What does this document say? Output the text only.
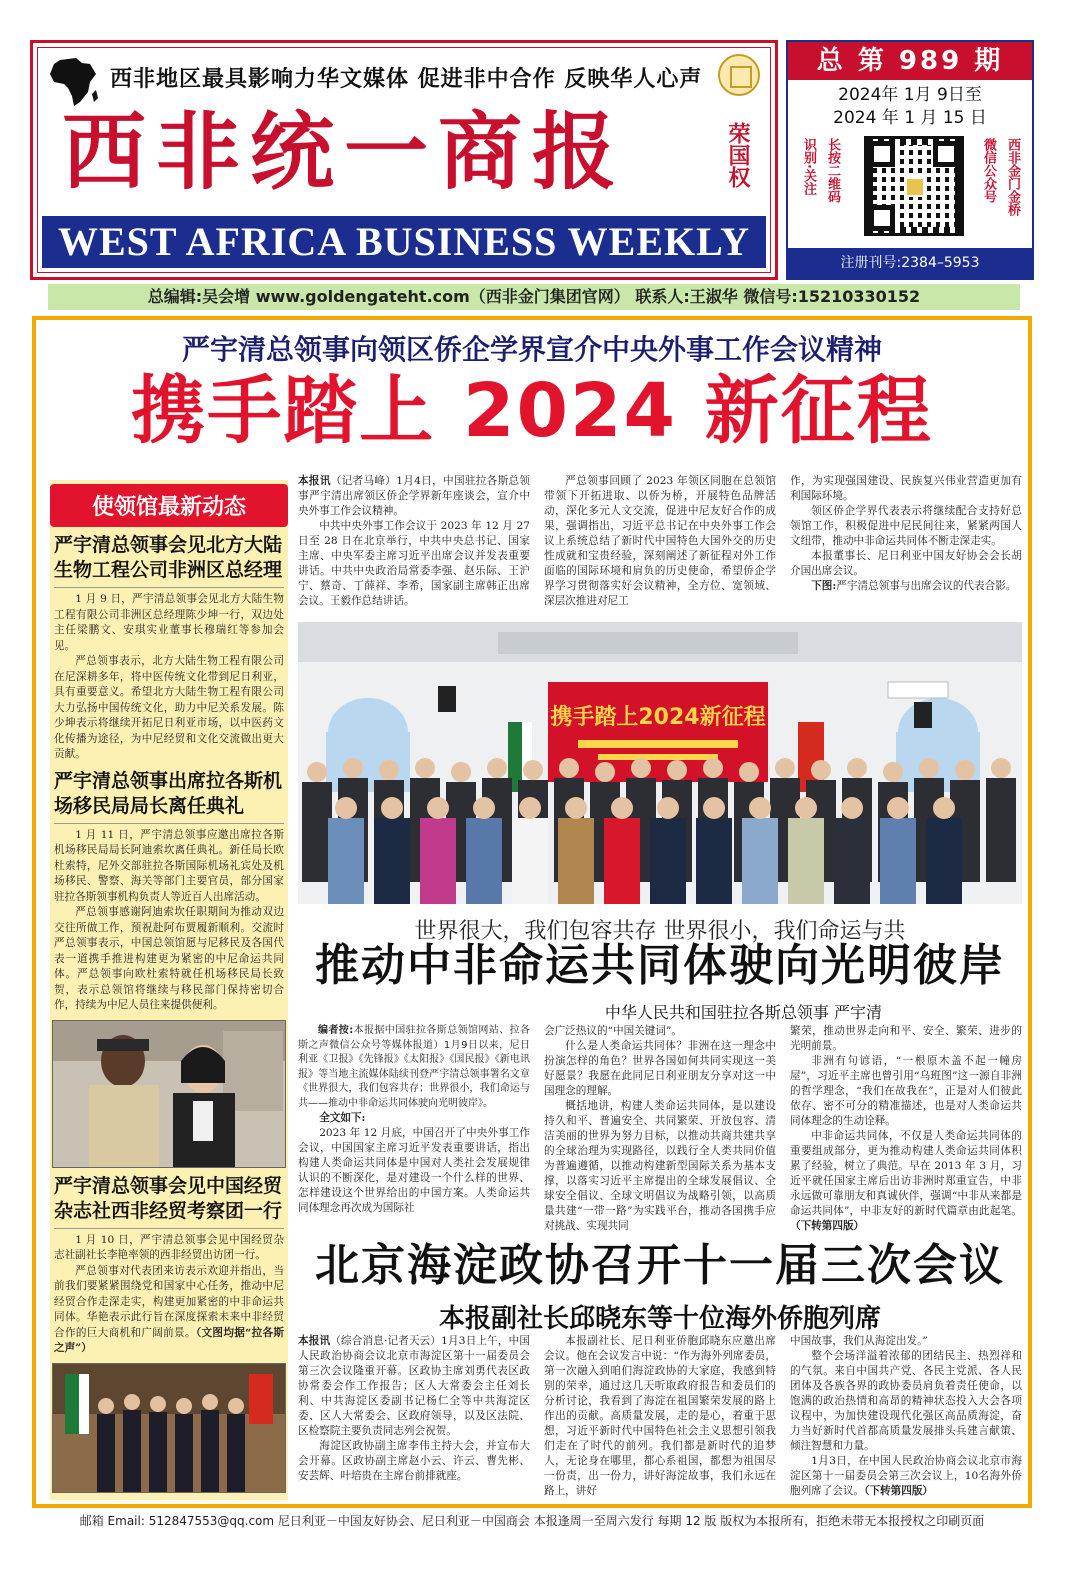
西非地区最具影响力华文媒体 促进非中合作 反映华人心声
西非统一商报	荣国权
WEST AFRICA BUSINESS WEEKLY
总 第 989 期
2024年 1月 9日至
2024 年 1 月 15 日
长按二维码
识别·关注	微信公众号 西非金门金桥
注册刊号:2384–5953
总编辑:吴会增 www.goldengateht.com（西非金门集团官网） 联系人:王淑华 微信号:15210330152
严宇清总领事向领区侨企学界宣介中央外事工作会议精神
携手踏上 2024 新征程
使领馆最新动态
严宇清总领事会见北方大陆生物工程公司非洲区总经理

1 月 9 日，严宇清总领事会见北方大陆生物工程有限公司非洲区总经理陈少坤一行，双边处主任梁鹏文、安琪实业董事长穆瑞红等参加会见。

严总领事表示，北方大陆生物工程有限公司在尼深耕多年，将中医传统文化带到尼日利亚，具有重要意义。希望北方大陆生物工程有限公司大力弘扬中国传统文化，助力中尼关系发展。陈少坤表示将继续开拓尼日利亚市场，以中医药文化传播为途径，为中尼经贸和文化交流做出更大贡献。

严宇清总领事出席拉各斯机场移民局局长离任典礼

1 月 11 日，严宇清总领事应邀出席拉各斯机场移民局局长阿迪索坎离任典礼。新任局长欧杜索特，尼外交部驻拉各斯国际机场礼宾处及机场移民、警察、海关等部门主要官员，部分国家驻拉各斯领事机构负责人等近百人出席活动。

严总领事感谢阿迪索坎任职期间为推动双边交往所做工作，预祝赴阿布贾履新顺利。交流时严总领事表示，中国总领馆愿与尼移民及各国代表一道携手推进构建更为紧密的中尼命运共同体。严总领事向欧杜索特就任机场移民局长致贺，表示总领馆将继续与移民部门保持密切合作，持续为中尼人员往来提供便利。

严宇清总领事会见中国经贸杂志社西非经贸考察团一行

1 月 10 日，严宇清总领事会见中国经贸杂志社副社长李艳率领的西非经贸出访团一行。

严总领事对代表团来访表示欢迎并指出，当前我们要紧紧围绕党和国家中心任务，推动中尼经贸合作走深走实，构建更加紧密的中非命运共同体。华艳表示此行旨在深度探索未来中非经贸合作的巨大商机和广阔前景。（文图均据“拉各斯之声”）

本报讯（记者马峰）1月4日，中国驻拉各斯总领事严宇清出席领区侨企学界新年座谈会，宣介中央外事工作会议精神。

中共中央外事工作会议于 2023 年 12 月 27 日至 28 日在北京举行，中共中央总书记、国家主席、中央军委主席习近平出席会议并发表重要讲话。中共中央政治局常委李强、赵乐际、王沪宁、蔡奇、丁薛祥、李希，国家副主席韩正出席会议。王毅作总结讲话。

严总领事回顾了 2023 年领区同胞在总领馆带领下开拓进取、以侨为桥，开展特色品牌活动，深化多元人文交流，促进中尼友好合作的成果，强调指出，习近平总书记在中央外事工作会议上系统总结了新时代中国特色大国外交的历史性成就和宝贵经验，深刻阐述了新征程对外工作面临的国际环境和肩负的历史使命，希望侨企学界学习贯彻落实好会议精神，全方位、宽领域、深层次推进对尼工

作，为实现强国建设、民族复兴伟业营造更加有利国际环境。

领区侨企学界代表表示将继续配合支持好总领馆工作，积极促进中尼民间往来，紧紧两国人文纽带，推动中非命运共同体不断走深走实。

本报董事长、尼日利亚中国友好协会会长胡介国出席会议。

下图:严宇清总领事与出席会议的代表合影。

携手踏上2024新征程
世界很大，我们包容共存 世界很小，我们命运与共
推动中非命运共同体驶向光明彼岸
中华人民共和国驻拉各斯总领事 严宇清

编者按:本报据中国驻拉各斯总领馆网站、拉各斯之声微信公众号等媒体报道）1月9日以来，尼日利亚《卫报》《先锋报》《太阳报》《国民报》《新电讯报》等当地主流媒体陆续刊登严宇清总领事署名文章《世界很大，我们包容共存；世界很小，我们命运与共——推动中非命运共同体驶向光明彼岸》。

全文如下:

2023 年 12 月底，中国召开了中央外事工作会议，中国国家主席习近平发表重要讲话，指出构建人类命运共同体是中国对人类社会发展规律认识的不断深化，是对建设一个什么样的世界、怎样建设这个世界给出的中国方案。人类命运共同体理念再次成为国际社

会广泛热议的“中国关键词”。

什么是人类命运共同体？非洲在这一理念中扮演怎样的角色？世界各国如何共同实现这一美好愿景？我愿在此同尼日利亚朋友分享对这一中国理念的理解。

概括地讲，构建人类命运共同体，是以建设持久和平、普遍安全、共同繁荣、开放包容、清洁美丽的世界为努力目标，以推动共商共建共享的全球治理为实现路径，以践行全人类共同价值为普遍遵循，以推动构建新型国际关系为基本支撑，以落实习近平主席提出的全球发展倡议、全球安全倡议、全球文明倡议为战略引领，以高质量共建“一带一路”为实践平台，推动各国携手应对挑战、实现共同

繁荣，推动世界走向和平、安全、繁荣、进步的光明前景。

非洲有句谚语，“一根原木盖不起一幢房屋”，习近平主席也曾引用“乌班图”这一源自非洲的哲学理念，“我们在故我在”，正是对人们彼此依存、密不可分的精准描述，也是对人类命运共同体理念的生动诠释。

中非命运共同体，不仅是人类命运共同体的重要组成部分，更为推动构建人类命运共同体积累了经验，树立了典范。早在 2013 年 3 月，习近平就任国家主席后出访非洲时郑重宣告，中非永远做可靠朋友和真诚伙伴，强调“中非从来都是命运共同体”，中非友好的新时代篇章由此起笔。（下转第四版）

北京海淀政协召开十一届三次会议
本报副社长邱晓东等十位海外侨胞列席

本报讯（综合消息·记者天云）1月3日上午，中国人民政治协商会议北京市海淀区第十一届委员会第三次会议隆重开幕。区政协主席刘勇代表区政协常委会作工作报告；区人大常委会主任刘长利、中共海淀区委副书记杨仁全等中共海淀区委、区人大常委会、区政府领导，以及区法院、区检察院主要负责同志列会祝贺。

海淀区政协副主席李伟主持大会，并宣布大会开幕。区政协副主席赵小云、许云、曹先彬、安芸辉、叶培贵在主席台前排就座。

本报副社长、尼日利亚侨胞邱晓东应邀出席会议。他在会议发言中说：“作为海外列席委员，第一次融入到咱们海淀政协的大家庭，我感到特别的荣幸，通过这几天听取政府报告和委员们的分析讨论，我看到了海淀在祖国繁荣发展的路上作出的贡献。高质量发展，走的是心，着重于思想，习近平新时代中国特色社会主义思想引领我们走在了时代的前列。我们都是新时代的追梦人，无论身在哪里，都心系祖国，都想为祖国尽一份责，出一份力，讲好海淀故事，我们永远在路上，讲好

中国故事，我们从海淀出发。”

整个会场洋溢着浓郁的团结民主、热烈祥和的气氛。来自中国共产党、各民主党派、各人民团体及各族各界的政协委员肩负着责任使命，以饱满的政治热情和高昂的精神状态投入大会各项议程中，为加快建设现代化强区高品质海淀，奋力当好新时代首都高质量发展排头兵建言献策、倾注智慧和力量。

1月3日，在中国人民政治协商会议北京市海淀区第十一届委员会第三次会议上，10名海外侨胞列席了会议。（下转第四版）

邮箱 Email: 512847553@qq.com 尼日利亚－中国友好协会、尼日利亚－中国商会 本报逢周一至周六发行 每期 12 版 版权为本报所有，拒绝未带无本报授权之印刷页面
